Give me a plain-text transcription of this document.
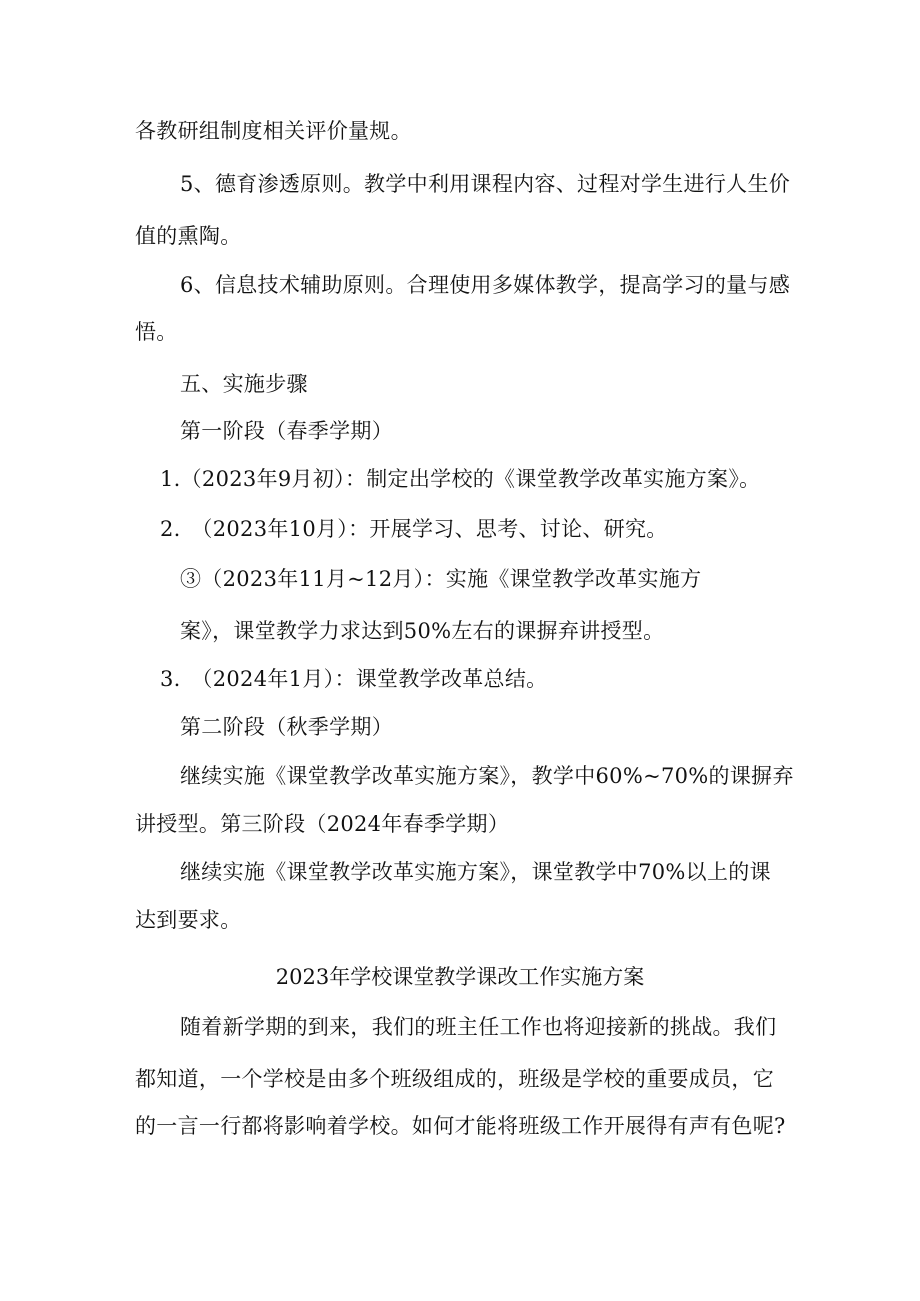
各教研组制度相关评价量规。
5、德育渗透原则。教学中利用课程内容、过程对学生进行人生价
值的熏陶。
6、信息技术辅助原则。合理使用多媒体教学，提高学习的量与感
悟。
五、实施步骤
第一阶段（春季学期）
1.（2023年9月初）：制定出学校的《课堂教学改革实施方案》。
2.　（2023年10月）：开展学习、思考、讨论、研究。
③（2023年11月~12月）：实施《课堂教学改革实施方
案》，课堂教学力求达到50%左右的课摒弃讲授型。
3.　（2024年1月）：课堂教学改革总结。
第二阶段（秋季学期）
继续实施《课堂教学改革实施方案》，教学中60%~70%的课摒弃
讲授型。第三阶段（2024年春季学期）
继续实施《课堂教学改革实施方案》，课堂教学中70%以上的课
达到要求。
2023年学校课堂教学课改工作实施方案
随着新学期的到来，我们的班主任工作也将迎接新的挑战。我们
都知道，一个学校是由多个班级组成的，班级是学校的重要成员，它
的一言一行都将影响着学校。如何才能将班级工作开展得有声有色呢?
